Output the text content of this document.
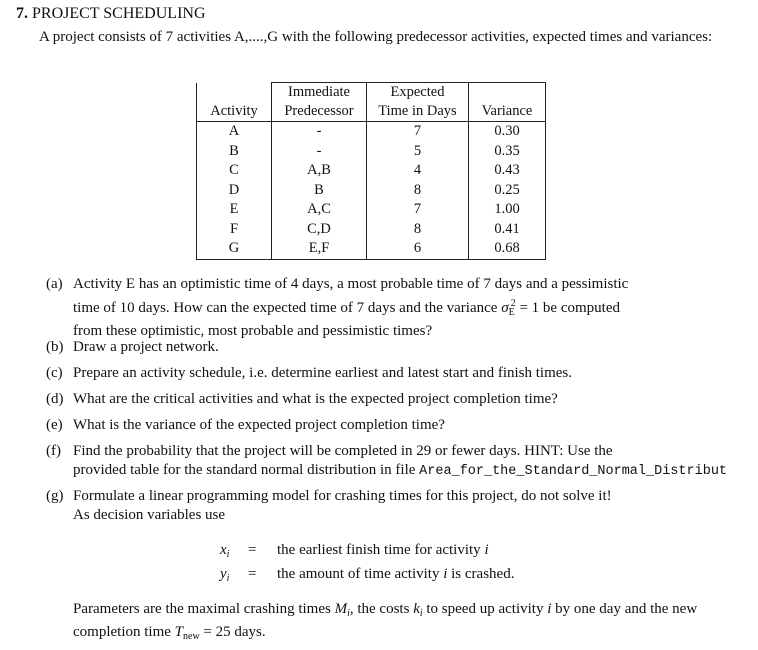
7. PROJECT SCHEDULING
A project consists of 7 activities A,....,G with the following predecessor activities, expected times and variances:
	Immediate	Expected	
Activity	Predecessor	Time in Days	Variance
A	-	7	0.30
B	-	5	0.35
C	A,B	4	0.43
D	B	8	0.25
E	A,C	7	1.00
F	C,D	8	0.41
G	E,F	6	0.68
(a) Activity E has an optimistic time of 4 days, a most probable time of 7 days and a pessimistic
time of 10 days. How can the expected time of 7 days and the variance $\sigma_E^2 = 1$ be computed
from these optimistic, most probable and pessimistic times?
(b) Draw a project network.
(c) Prepare an activity schedule, i.e. determine earliest and latest start and finish times.
(d) What are the critical activities and what is the expected project completion time?
(e) What is the variance of the expected project completion time?
(f) Find the probability that the project will be completed in 29 or fewer days. HINT: Use the
provided table for the standard normal distribution in file Area_for_the_Standard_Normal_Distribut
(g) Formulate a linear programming model for crashing times for this project, do not solve it!
As decision variables use
$x_i$	= the earliest finish time for activity i
$y_i$	= the amount of time activity i is crashed.
Parameters are the maximal crashing times $M_i$, the costs $k_i$ to speed up activity i by one day and the new completion time $T_{new} = 25$ days.
